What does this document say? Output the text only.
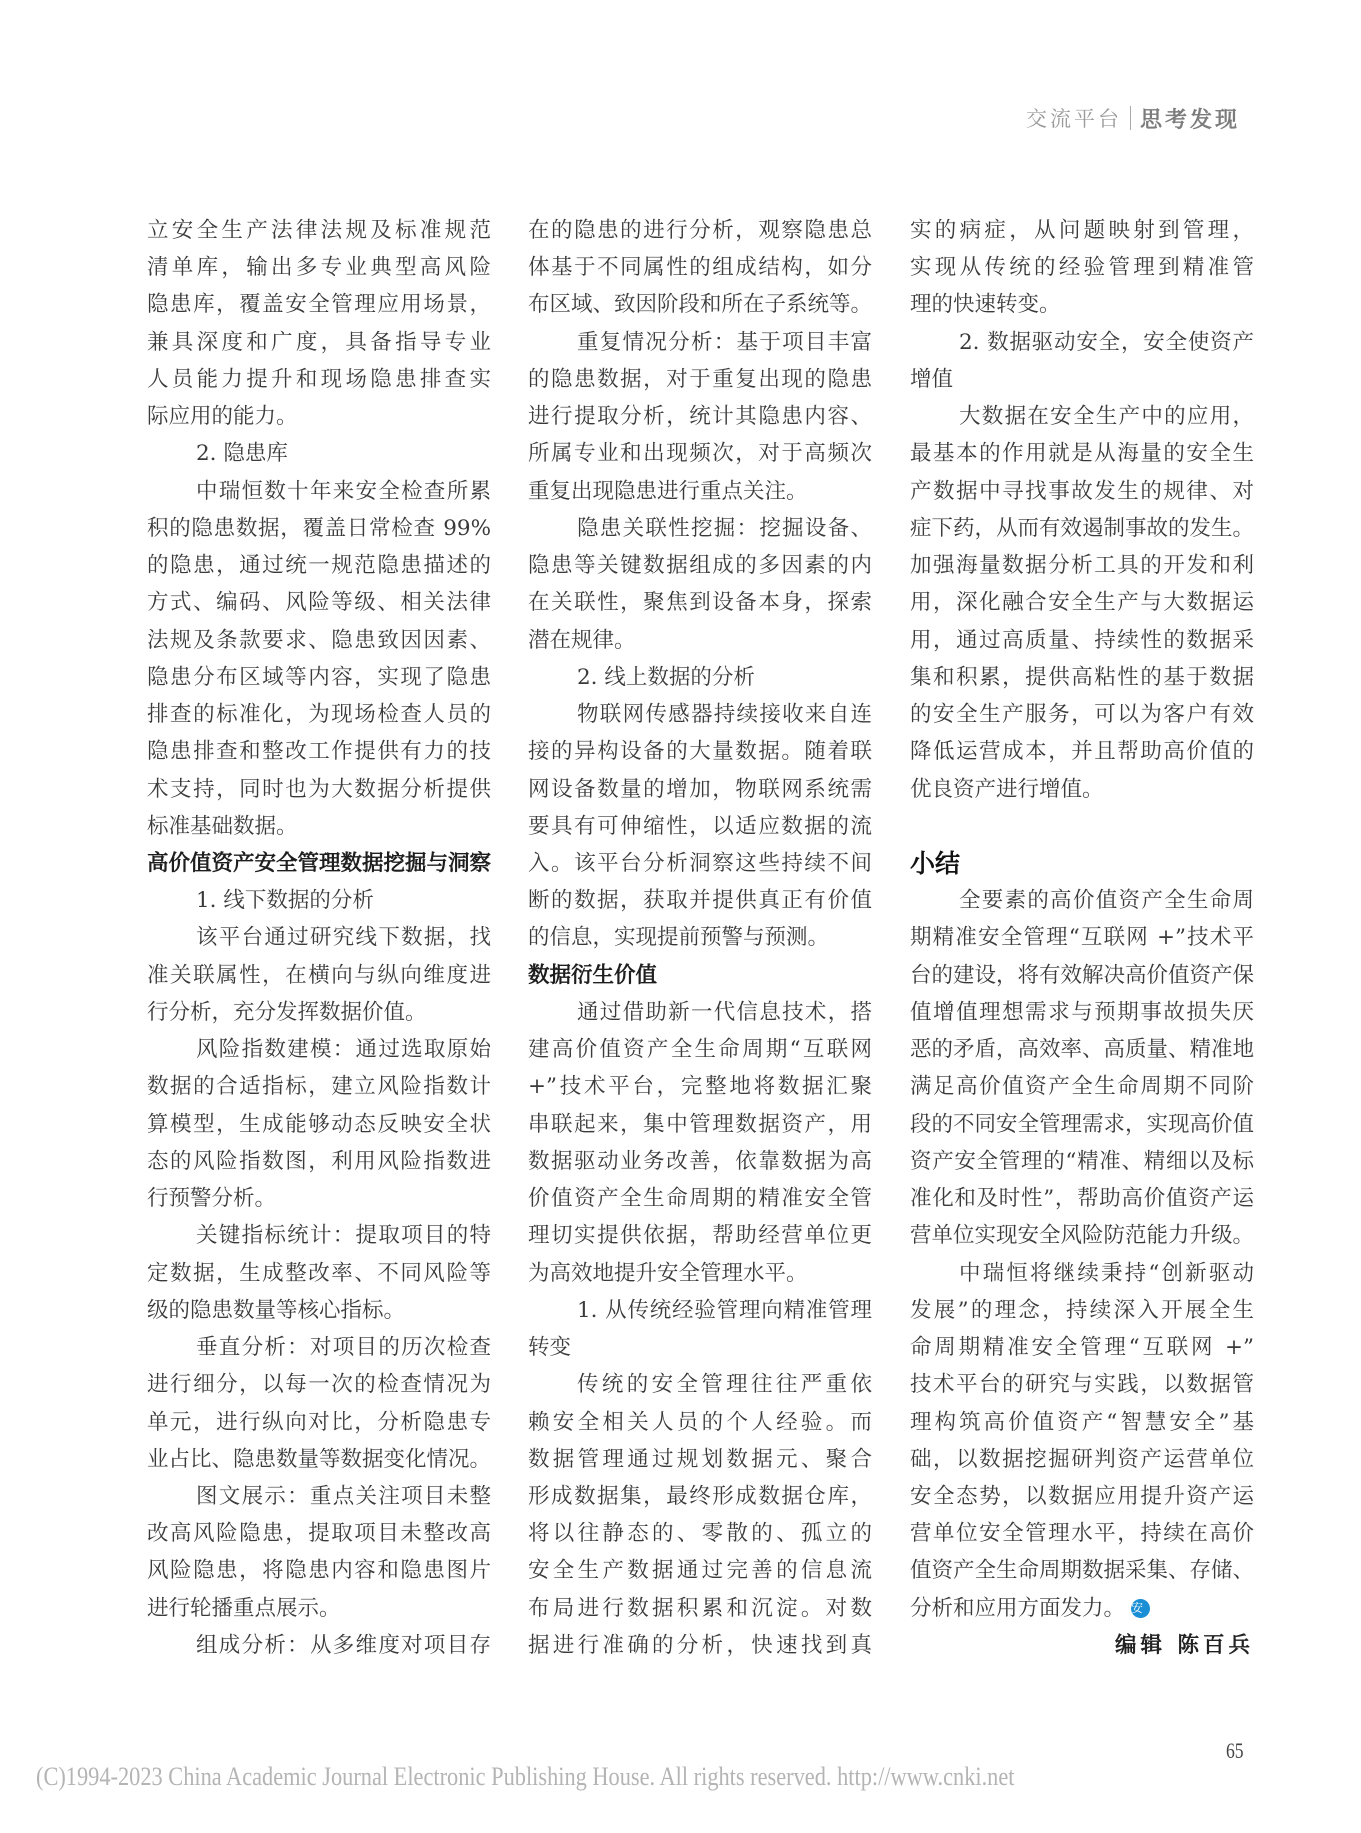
交流平台 思考发现
立安全生产法律法规及标准规范
清单库，输出多专业典型高风险
隐患库，覆盖安全管理应用场景，
兼具深度和广度，具备指导专业
人员能力提升和现场隐患排查实
际应用的能力。
2. 隐患库
中瑞恒数十年来安全检查所累
积的隐患数据，覆盖日常检查 99%
的隐患，通过统一规范隐患描述的
方式、编码、风险等级、相关法律
法规及条款要求、隐患致因因素、
隐患分布区域等内容，实现了隐患
排查的标准化，为现场检查人员的
隐患排查和整改工作提供有力的技
术支持，同时也为大数据分析提供
标准基础数据。
高价值资产安全管理数据挖掘与洞察
1. 线下数据的分析
该平台通过研究线下数据，找
准关联属性，在横向与纵向维度进
行分析，充分发挥数据价值。
风险指数建模：通过选取原始
数据的合适指标，建立风险指数计
算模型，生成能够动态反映安全状
态的风险指数图，利用风险指数进
行预警分析。
关键指标统计：提取项目的特
定数据，生成整改率、不同风险等
级的隐患数量等核心指标。
垂直分析：对项目的历次检查
进行细分，以每一次的检查情况为
单元，进行纵向对比，分析隐患专
业占比、隐患数量等数据变化情况。
图文展示：重点关注项目未整
改高风险隐患，提取项目未整改高
风险隐患，将隐患内容和隐患图片
进行轮播重点展示。
组成分析：从多维度对项目存
在的隐患的进行分析，观察隐患总
体基于不同属性的组成结构，如分
布区域、致因阶段和所在子系统等。
重复情况分析：基于项目丰富
的隐患数据，对于重复出现的隐患
进行提取分析，统计其隐患内容、
所属专业和出现频次，对于高频次
重复出现隐患进行重点关注。
隐患关联性挖掘：挖掘设备、
隐患等关键数据组成的多因素的内
在关联性，聚焦到设备本身，探索
潜在规律。
2. 线上数据的分析
物联网传感器持续接收来自连
接的异构设备的大量数据。随着联
网设备数量的增加，物联网系统需
要具有可伸缩性，以适应数据的流
入。该平台分析洞察这些持续不间
断的数据，获取并提供真正有价值
的信息，实现提前预警与预测。
数据衍生价值
通过借助新一代信息技术，搭
建高价值资产全生命周期“互联网
+”技术平台，完整地将数据汇聚
串联起来，集中管理数据资产，用
数据驱动业务改善，依靠数据为高
价值资产全生命周期的精准安全管
理切实提供依据，帮助经营单位更
为高效地提升安全管理水平。
1. 从传统经验管理向精准管理
转变
传统的安全管理往往严重依
赖安全相关人员的个人经验。而
数据管理通过规划数据元、聚合
形成数据集，最终形成数据仓库，
将以往静态的、零散的、孤立的
安全生产数据通过完善的信息流
布局进行数据积累和沉淀。对数
据进行准确的分析，快速找到真
实的病症，从问题映射到管理，
实现从传统的经验管理到精准管
理的快速转变。
2. 数据驱动安全，安全使资产
增值
大数据在安全生产中的应用，
最基本的作用就是从海量的安全生
产数据中寻找事故发生的规律、对
症下药，从而有效遏制事故的发生。
加强海量数据分析工具的开发和利
用，深化融合安全生产与大数据运
用，通过高质量、持续性的数据采
集和积累，提供高粘性的基于数据
的安全生产服务，可以为客户有效
降低运营成本，并且帮助高价值的
优良资产进行增值。
小结
全要素的高价值资产全生命周
期精准安全管理“互联网 +”技术平
台的建设，将有效解决高价值资产保
值增值理想需求与预期事故损失厌
恶的矛盾，高效率、高质量、精准地
满足高价值资产全生命周期不同阶
段的不同安全管理需求，实现高价值
资产安全管理的“精准、精细以及标
准化和及时性”，帮助高价值资产运
营单位实现安全风险防范能力升级。
中瑞恒将继续秉持“创新驱动
发展”的理念，持续深入开展全生
命周期精准安全管理“互联网 +”
技术平台的研究与实践，以数据管
理构筑高价值资产“智慧安全”基
础，以数据挖掘研判资产运营单位
安全态势，以数据应用提升资产运
营单位安全管理水平，持续在高价
值资产全生命周期数据采集、存储、
分析和应用方面发力。 安
编辑 陈百兵
65
(C)1994-2023 China Academic Journal Electronic Publishing House. All rights reserved. http://www.cnki.net
